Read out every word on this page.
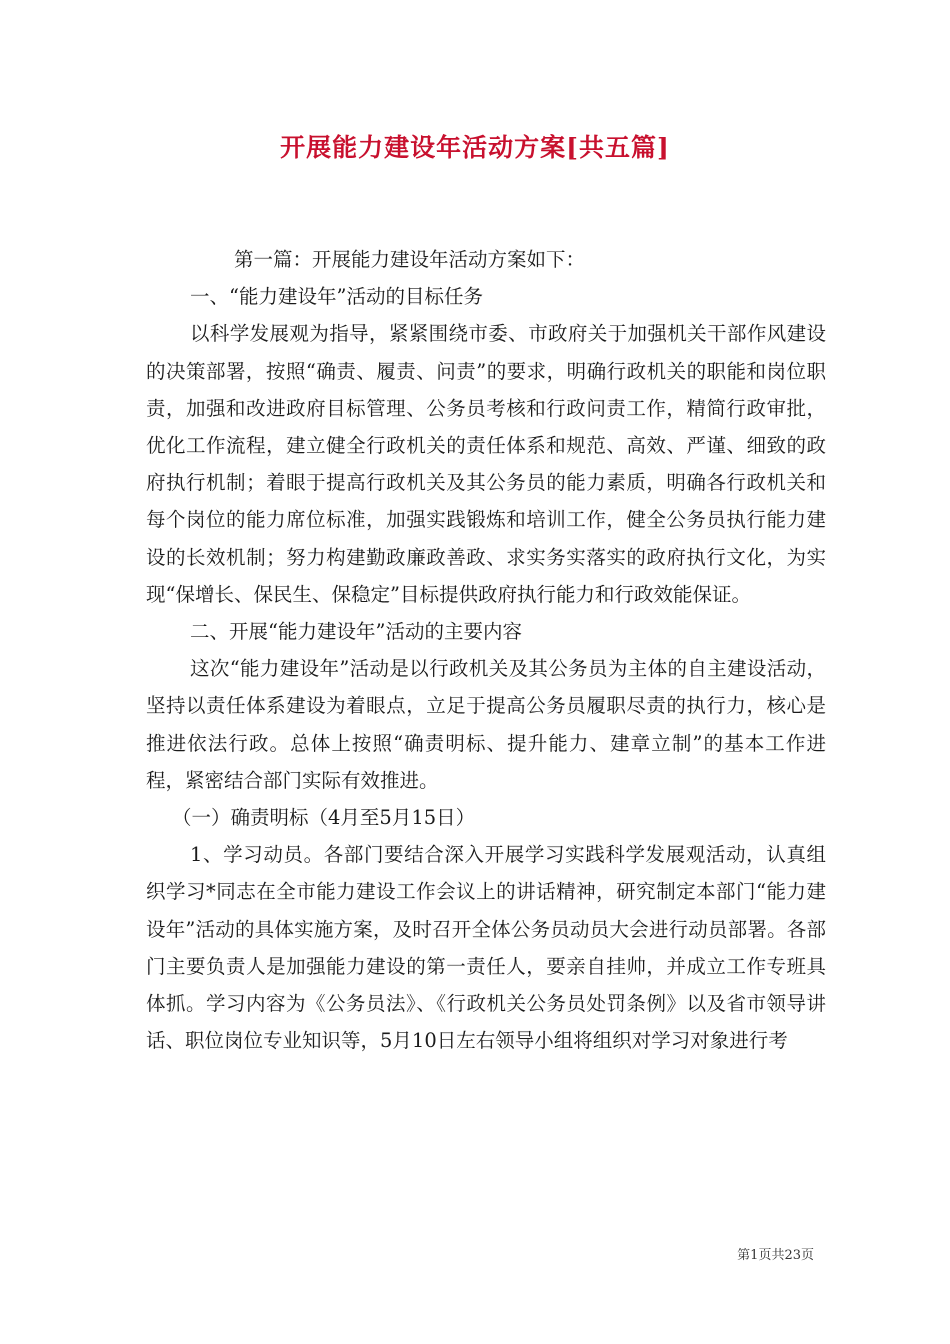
开展能力建设年活动方案[共五篇]

第一篇：开展能力建设年活动方案如下：

一、“能力建设年”活动的目标任务

以科学发展观为指导，紧紧围绕市委、市政府关于加强机关干部作风建设的决策部署，按照“确责、履责、问责”的要求，明确行政机关的职能和岗位职责，加强和改进政府目标管理、公务员考核和行政问责工作，精简行政审批，优化工作流程，建立健全行政机关的责任体系和规范、高效、严谨、细致的政府执行机制；着眼于提高行政机关及其公务员的能力素质，明确各行政机关和每个岗位的能力席位标准，加强实践锻炼和培训工作，健全公务员执行能力建设的长效机制；努力构建勤政廉政善政、求实务实落实的政府执行文化，为实现“保增长、保民生、保稳定”目标提供政府执行能力和行政效能保证。

二、开展“能力建设年”活动的主要内容

这次“能力建设年”活动是以行政机关及其公务员为主体的自主建设活动，坚持以责任体系建设为着眼点，立足于提高公务员履职尽责的执行力，核心是推进依法行政。总体上按照“确责明标、提升能力、建章立制”的基本工作进程，紧密结合部门实际有效推进。

（一）确责明标（4月至5月15日）

1、学习动员。各部门要结合深入开展学习实践科学发展观活动，认真组织学习*同志在全市能力建设工作会议上的讲话精神，研究制定本部门“能力建设年”活动的具体实施方案，及时召开全体公务员动员大会进行动员部署。各部门主要负责人是加强能力建设的第一责任人，要亲自挂帅，并成立工作专班具体抓。学习内容为《公务员法》、《行政机关公务员处罚条例》以及省市领导讲话、职位岗位专业知识等，5月10日左右领导小组将组织对学习对象进行考

第1页共23页
